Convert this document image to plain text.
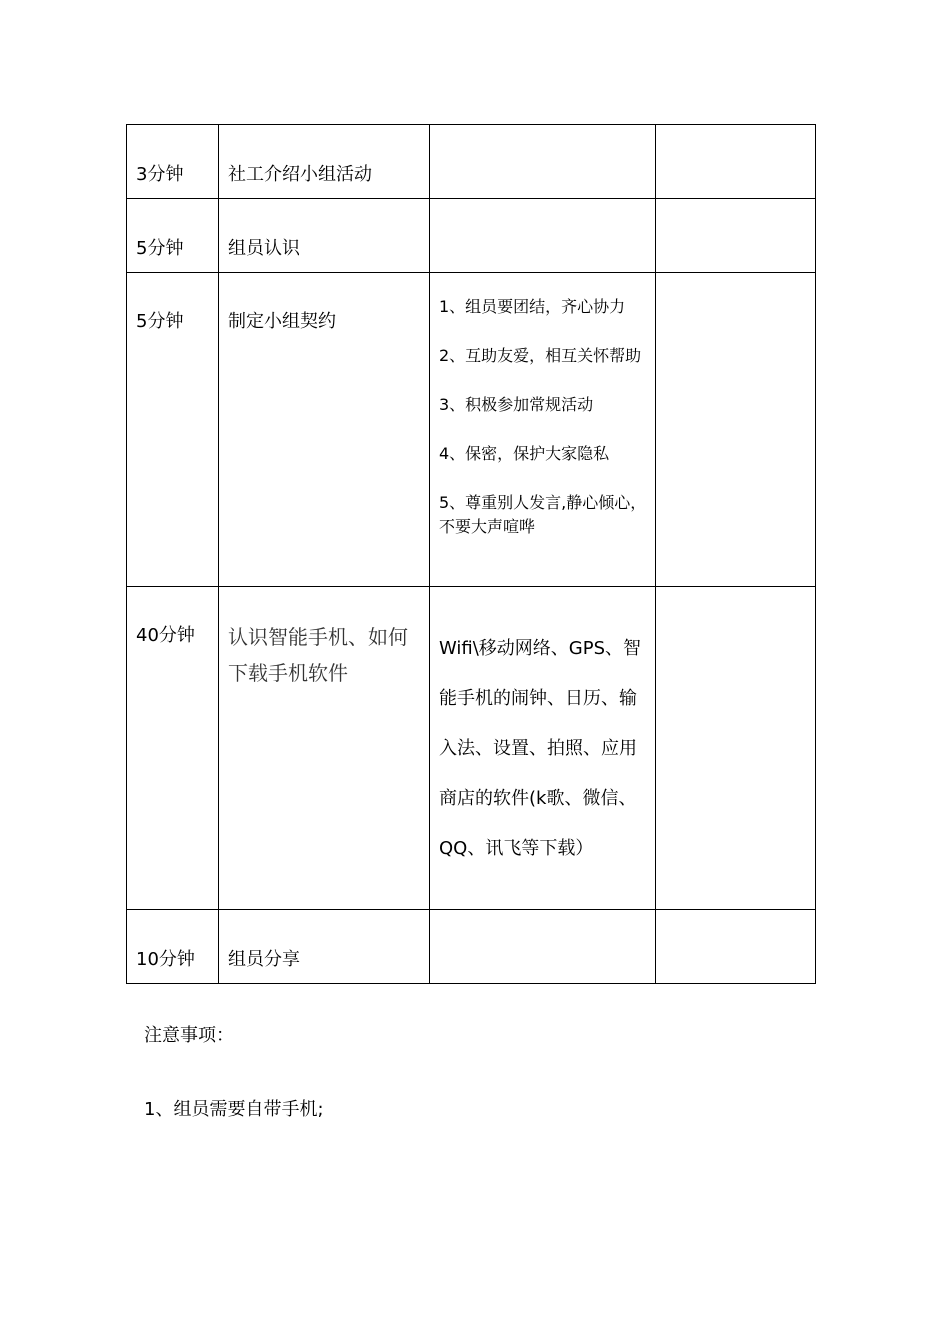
3分钟	社工介绍小组活动		

5分钟	组员认识		

5分钟	制定小组契约	1、组员要团结，齐心协力
2、互助友爱，相互关怀帮助
3、积极参加常规活动
4、保密，保护大家隐私
5、尊重别人发言,静心倾心，不要大声喧哗	

40分钟	认识智能手机、如何下载手机软件	Wifi\移动网络、GPS、智能手机的闹钟、日历、输入法、设置、拍照、应用商店的软件(k歌、微信、QQ、讯飞等下载）	

10分钟	组员分享		

注意事项：
1、组员需要自带手机;
